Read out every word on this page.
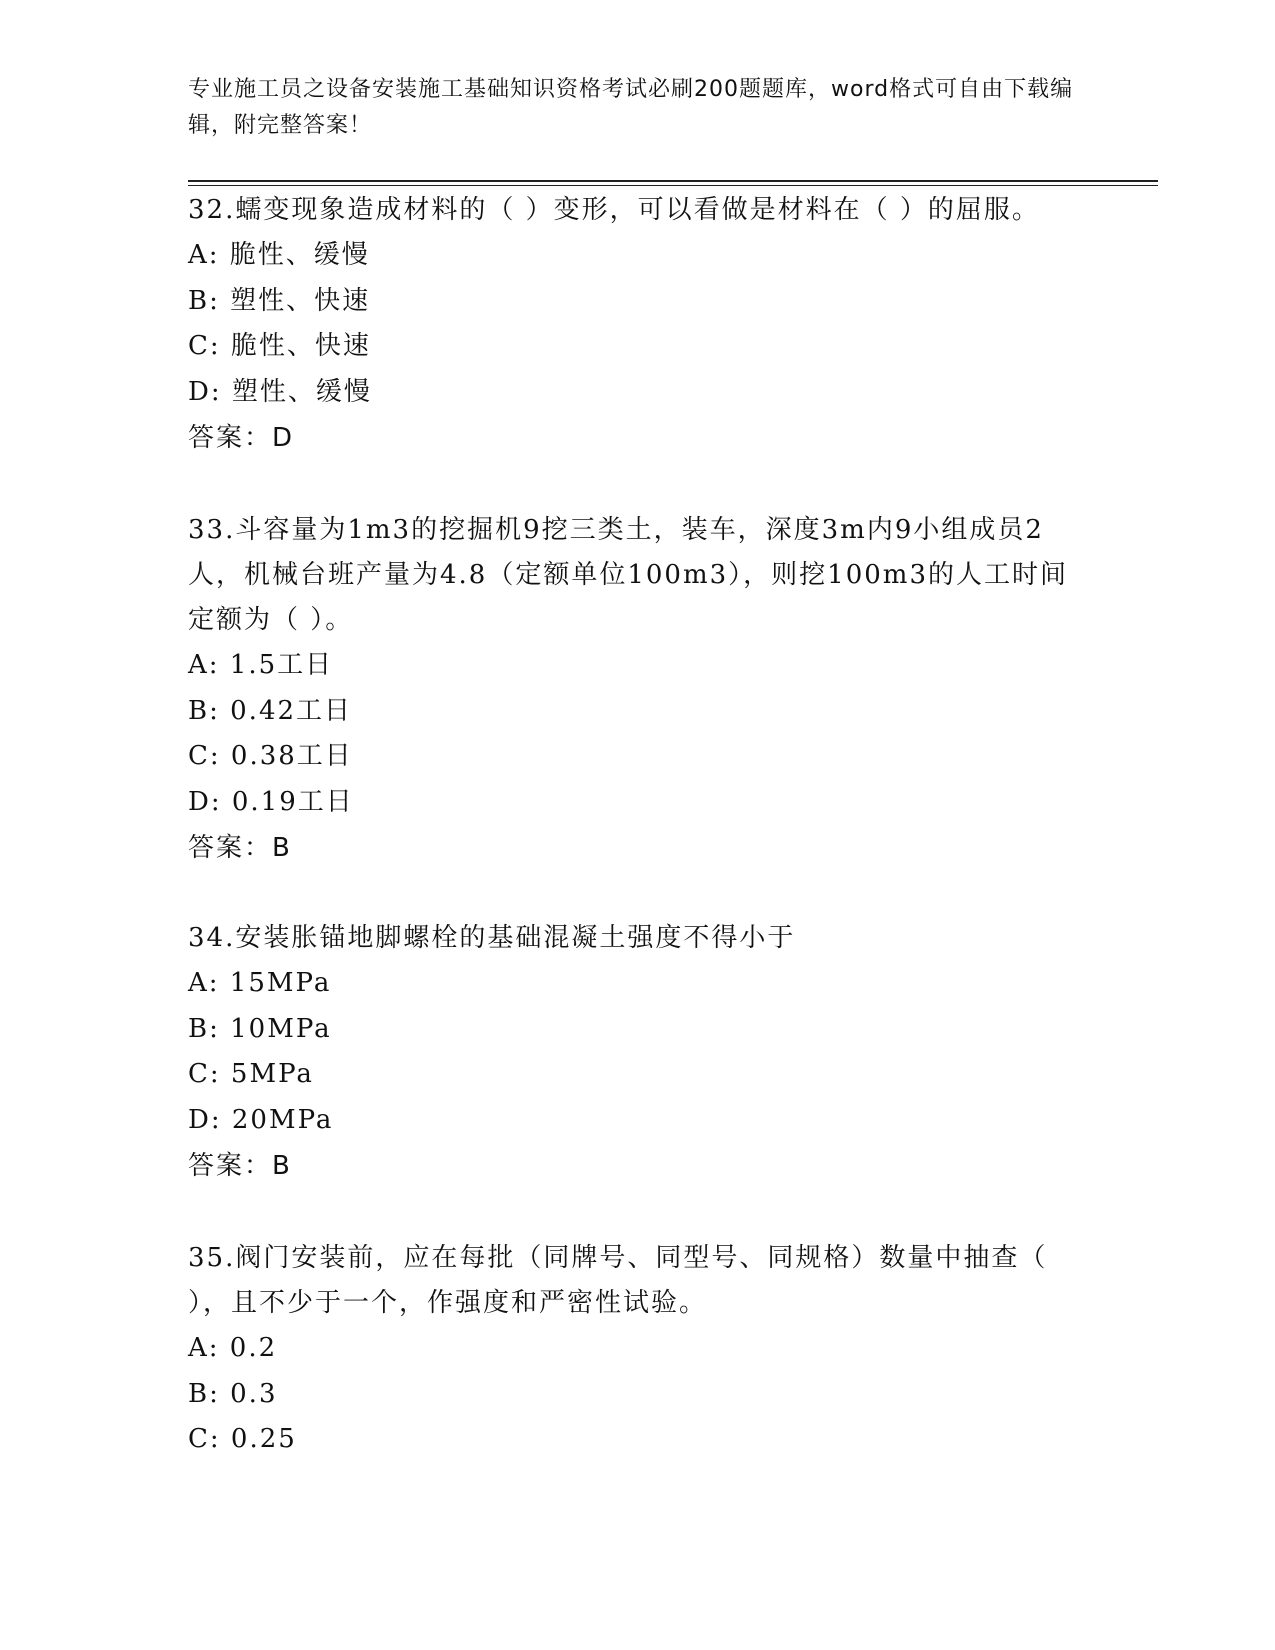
专业施工员之设备安装施工基础知识资格考试必刷200题题库，word格式可自由下载编辑，附完整答案！
32.蠕变现象造成材料的（ ）变形，可以看做是材料在（ ）的屈服。
A: 脆性、缓慢
B: 塑性、快速
C: 脆性、快速
D: 塑性、缓慢
答案：D
33.斗容量为1m3的挖掘机9挖三类土，装车，深度3m内9小组成员2人，机械台班产量为4.8（定额单位100m3），则挖100m3的人工时间定额为（ ）。
A: 1.5工日
B: 0.42工日
C: 0.38工日
D: 0.19工日
答案：B
34.安装胀锚地脚螺栓的基础混凝土强度不得小于
A: 15MPa
B: 10MPa
C: 5MPa
D: 20MPa
答案：B
35.阀门安装前，应在每批（同牌号、同型号、同规格）数量中抽查（ ），且不少于一个，作强度和严密性试验。
A: 0.2
B: 0.3
C: 0.25
